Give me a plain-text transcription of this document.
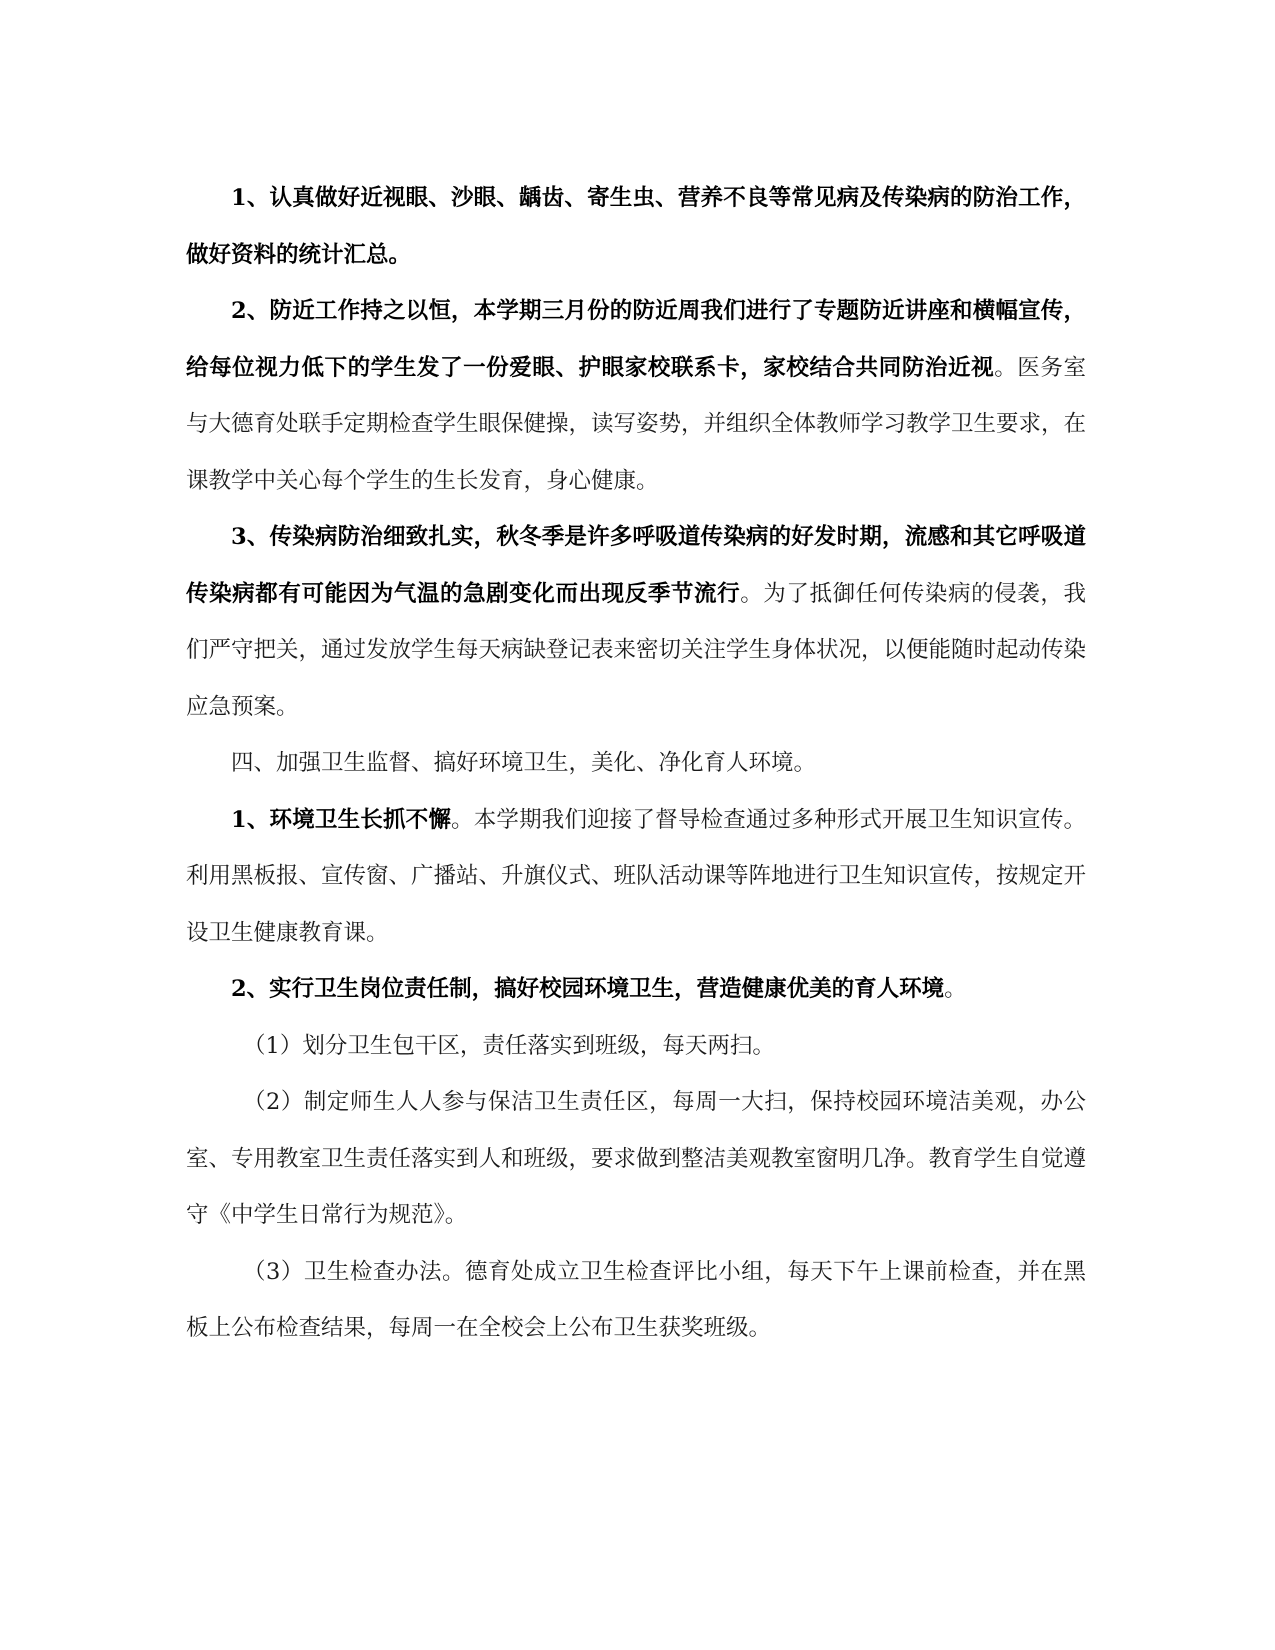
1、认真做好近视眼、沙眼、龋齿、寄生虫、营养不良等常见病及传染病的防治工作，做好资料的统计汇总。

2、防近工作持之以恒，本学期三月份的防近周我们进行了专题防近讲座和横幅宣传，给每位视力低下的学生发了一份爱眼、护眼家校联系卡，家校结合共同防治近视。医务室与大德育处联手定期检查学生眼保健操，读写姿势，并组织全体教师学习教学卫生要求，在课教学中关心每个学生的生长发育，身心健康。

3、传染病防治细致扎实，秋冬季是许多呼吸道传染病的好发时期，流感和其它呼吸道传染病都有可能因为气温的急剧变化而出现反季节流行。为了抵御任何传染病的侵袭，我们严守把关，通过发放学生每天病缺登记表来密切关注学生身体状况，以便能随时起动传染应急预案。

四、加强卫生监督、搞好环境卫生，美化、净化育人环境。

1、环境卫生长抓不懈。本学期我们迎接了督导检查通过多种形式开展卫生知识宣传。利用黑板报、宣传窗、广播站、升旗仪式、班队活动课等阵地进行卫生知识宣传，按规定开设卫生健康教育课。

2、实行卫生岗位责任制，搞好校园环境卫生，营造健康优美的育人环境。

（1）划分卫生包干区，责任落实到班级，每天两扫。

（2）制定师生人人参与保洁卫生责任区，每周一大扫，保持校园环境洁美观，办公室、专用教室卫生责任落实到人和班级，要求做到整洁美观教室窗明几净。教育学生自觉遵守《中学生日常行为规范》。

（3）卫生检查办法。德育处成立卫生检查评比小组，每天下午上课前检查，并在黑板上公布检查结果，每周一在全校会上公布卫生获奖班级。
